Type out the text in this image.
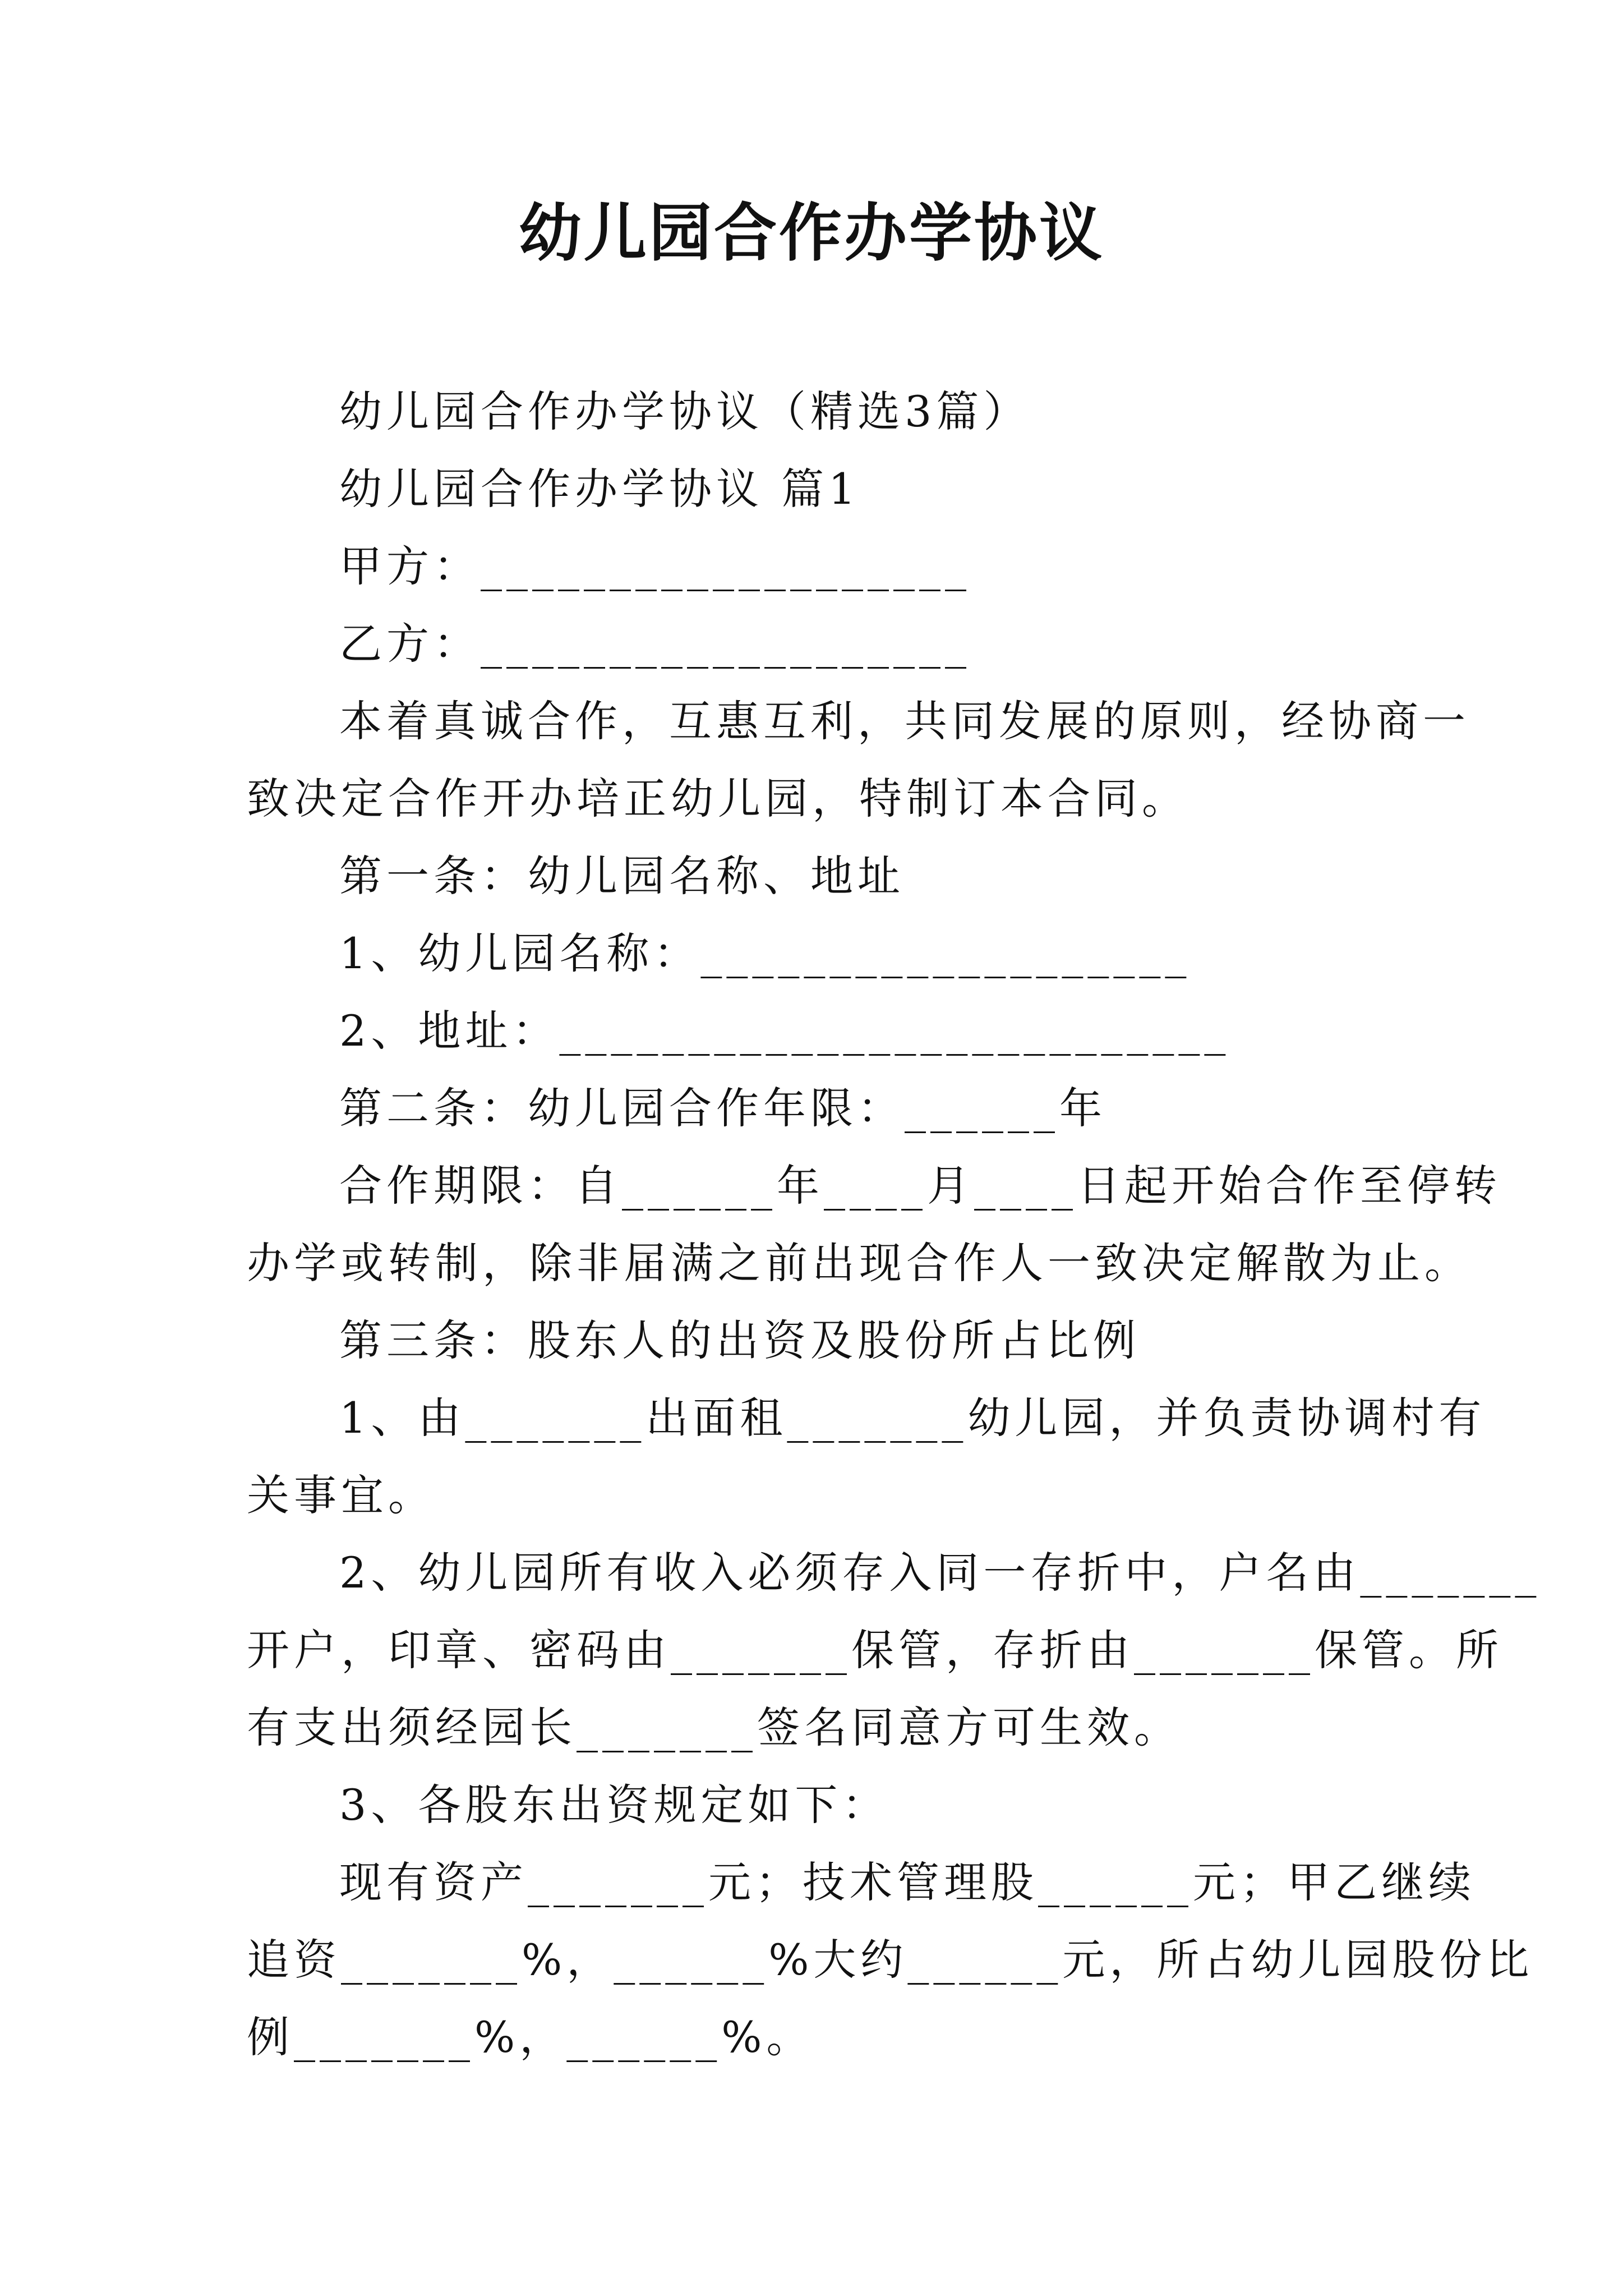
幼儿园合作办学协议
幼儿园合作办学协议（精选3篇）
幼儿园合作办学协议 篇1
甲方：___________________
乙方：___________________
本着真诚合作，互惠互利，共同发展的原则，经协商一
致决定合作开办培正幼儿园，特制订本合同。
第一条：幼儿园名称、地址
1、幼儿园名称：___________________
2、地址：__________________________
第二条：幼儿园合作年限：______年
合作期限：自______年____月____日起开始合作至停转
办学或转制，除非届满之前出现合作人一致决定解散为止。
第三条：股东人的出资及股份所占比例
1、由_______出面租_______幼儿园，并负责协调村有
关事宜。
2、幼儿园所有收入必须存入同一存折中，户名由_______
开户，印章、密码由_______保管，存折由_______保管。所
有支出须经园长_______签名同意方可生效。
3、各股东出资规定如下：
现有资产_______元；技术管理股______元；甲乙继续
追资_______%，______%大约______元，所占幼儿园股份比
例_______%，______%。
